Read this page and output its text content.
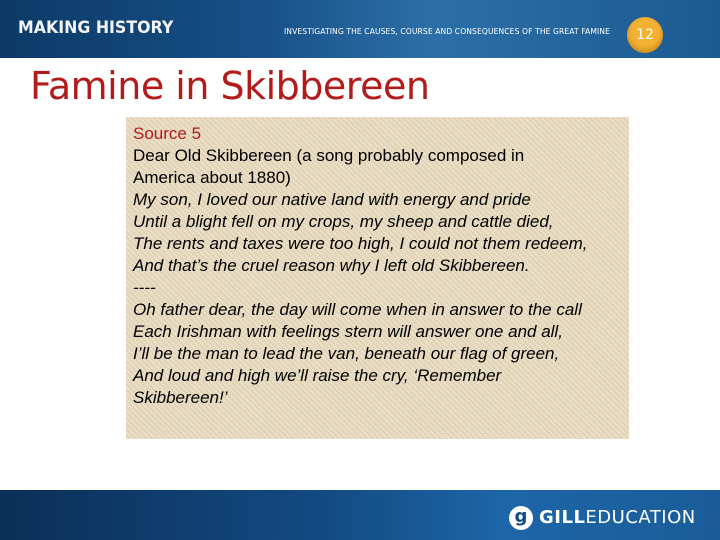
MAKING HISTORY	INVESTIGATING THE CAUSES, COURSE AND CONSEQUENCES OF THE GREAT FAMINE	12
Famine in Skibbereen
Source 5
Dear Old Skibbereen (a song probably composed in
America about 1880)
My son, I loved our native land with energy and pride
Until a blight fell on my crops, my sheep and cattle died,
The rents and taxes were too high, I could not them redeem,
And that’s the cruel reason why I left old Skibbereen.
----
Oh father dear, the day will come when in answer to the call
Each Irishman with feelings stern will answer one and all,
I’ll be the man to lead the van, beneath our flag of green,
And loud and high we’ll raise the cry, ‘Remember
Skibbereen!’
g GILLEDUCATION
